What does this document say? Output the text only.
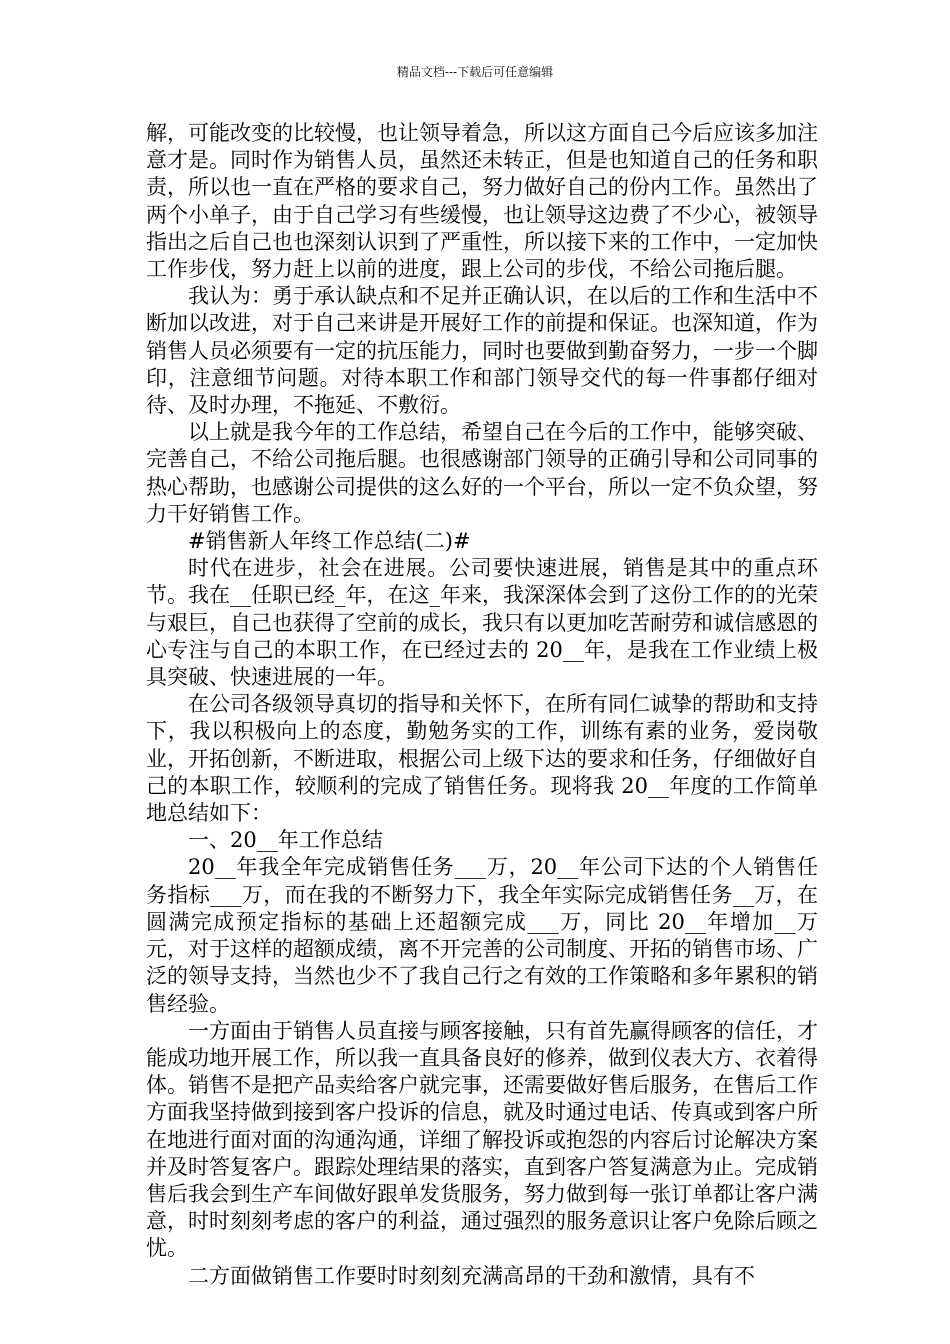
精品文档---下载后可任意编辑

解，可能改变的比较慢，也让领导着急，所以这方面自己今后应该多加注意才是。同时作为销售人员，虽然还未转正，但是也知道自己的任务和职责，所以也一直在严格的要求自己，努力做好自己的份内工作。虽然出了两个小单子，由于自己学习有些缓慢，也让领导这边费了不少心，被领导指出之后自己也也深刻认识到了严重性，所以接下来的工作中，一定加快工作步伐，努力赶上以前的进度，跟上公司的步伐，不给公司拖后腿。

我认为：勇于承认缺点和不足并正确认识，在以后的工作和生活中不断加以改进，对于自己来讲是开展好工作的前提和保证。也深知道，作为销售人员必须要有一定的抗压能力，同时也要做到勤奋努力，一步一个脚印，注意细节问题。对待本职工作和部门领导交代的每一件事都仔细对待、及时办理，不拖延、不敷衍。

以上就是我今年的工作总结，希望自己在今后的工作中，能够突破、完善自己，不给公司拖后腿。也很感谢部门领导的正确引导和公司同事的热心帮助，也感谢公司提供的这么好的一个平台，所以一定不负众望，努力干好销售工作。

#销售新人年终工作总结(二)#

时代在进步，社会在进展。公司要快速进展，销售是其中的重点环节。我在__任职已经_年，在这_年来，我深深体会到了这份工作的的光荣与艰巨，自己也获得了空前的成长，我只有以更加吃苦耐劳和诚信感恩的心专注与自己的本职工作，在已经过去的 20__年，是我在工作业绩上极具突破、快速进展的一年。

在公司各级领导真切的指导和关怀下，在所有同仁诚挚的帮助和支持下，我以积极向上的态度，勤勉务实的工作，训练有素的业务，爱岗敬业，开拓创新，不断进取，根据公司上级下达的要求和任务，仔细做好自己的本职工作，较顺利的完成了销售任务。现将我 20__年度的工作简单地总结如下：

一、20__年工作总结

20__年我全年完成销售任务___万，20__年公司下达的个人销售任务指标___万，而在我的不断努力下，我全年实际完成销售任务__万，在圆满完成预定指标的基础上还超额完成___万，同比 20__年增加__万元，对于这样的超额成绩，离不开完善的公司制度、开拓的销售市场、广泛的领导支持，当然也少不了我自己行之有效的工作策略和多年累积的销售经验。

一方面由于销售人员直接与顾客接触，只有首先赢得顾客的信任，才能成功地开展工作，所以我一直具备良好的修养，做到仪表大方、衣着得体。销售不是把产品卖给客户就完事，还需要做好售后服务，在售后工作方面我坚持做到接到客户投诉的信息，就及时通过电话、传真或到客户所在地进行面对面的沟通沟通，详细了解投诉或抱怨的内容后讨论解决方案并及时答复客户。跟踪处理结果的落实，直到客户答复满意为止。完成销售后我会到生产车间做好跟单发货服务，努力做到每一张订单都让客户满意，时时刻刻考虑的客户的利益，通过强烈的服务意识让客户免除后顾之忧。

二方面做销售工作要时时刻刻充满高昂的干劲和激情，具有不
